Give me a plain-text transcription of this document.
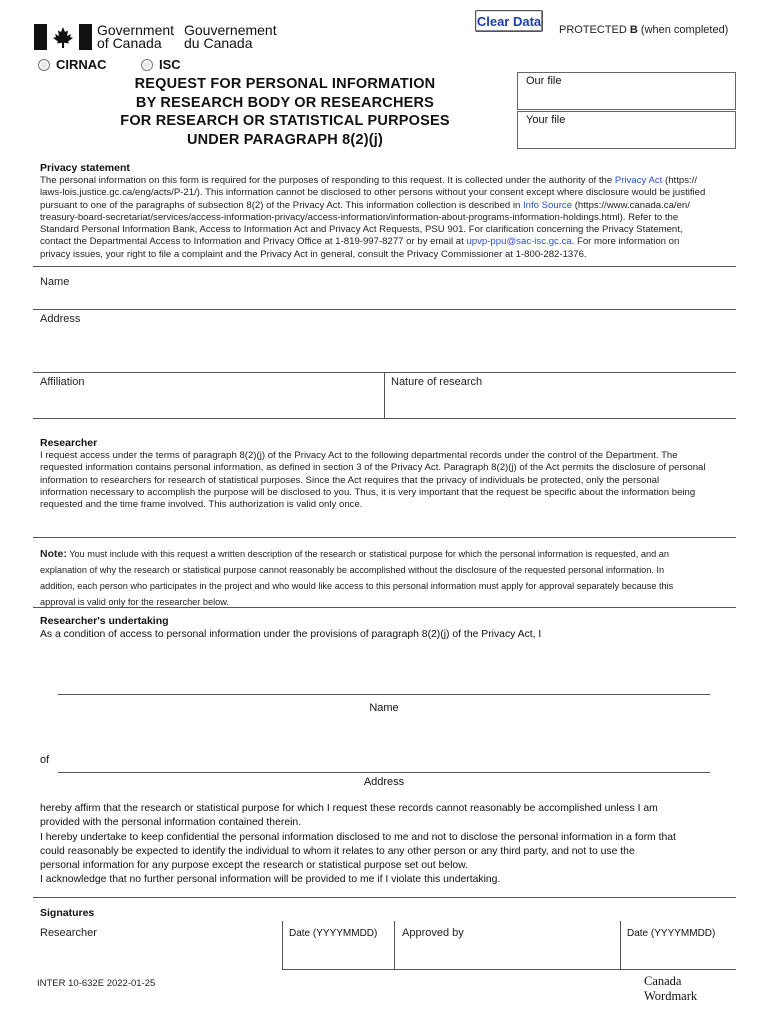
Government
of Canada
Gouvernement
du Canada
Clear Data
PROTECTED B (when completed)
CIRNAC	ISC
REQUEST FOR PERSONAL INFORMATION
BY RESEARCH BODY OR RESEARCHERS
FOR RESEARCH OR STATISTICAL PURPOSES
UNDER PARAGRAPH 8(2)(j)
Our file
Your file
Privacy statement
The personal information on this form is required for the purposes of responding to this request. It is collected under the authority of the Privacy Act (https://
laws-lois.justice.gc.ca/eng/acts/P-21/). This information cannot be disclosed to other persons without your consent except where disclosure would be justified
pursuant to one of the paragraphs of subsection 8(2) of the Privacy Act. This information collection is described in Info Source (https://www.canada.ca/en/
treasury-board-secretariat/services/access-information-privacy/access-information/information-about-programs-information-holdings.html). Refer to the
Standard Personal Information Bank, Access to Information Act and Privacy Act Requests, PSU 901. For clarification concerning the Privacy Statement,
contact the Departmental Access to Information and Privacy Office at 1-819-997-8277 or by email at upvp-ppu@sac-isc.gc.ca. For more information on
privacy issues, your right to file a complaint and the Privacy Act in general, consult the Privacy Commissioner at 1-800-282-1376.
Name
Address
Affiliation	Nature of research
Researcher
I request access under the terms of paragraph 8(2)(j) of the Privacy Act to the following departmental records under the control of the Department. The
requested information contains personal information, as defined in section 3 of the Privacy Act. Paragraph 8(2)(j) of the Act permits the disclosure of personal
information to researchers for research of statistical purposes. Since the Act requires that the privacy of individuals be protected, only the personal
information necessary to accomplish the purpose will be disclosed to you. Thus, it is very important that the request be specific about the information being
requested and the time frame involved. This authorization is valid only once.
Note: You must include with this request a written description of the research or statistical purpose for which the personal information is requested, and an
explanation of why the research or statistical purpose cannot reasonably be accomplished without the disclosure of the requested personal information. In
addition, each person who participates in the project and who would like access to this personal information must apply for approval separately because this
approval is valid only for the researcher below.
Researcher's undertaking
As a condition of access to personal information under the provisions of paragraph 8(2)(j) of the Privacy Act, I
Name
of
Address
hereby affirm that the research or statistical purpose for which I request these records cannot reasonably be accomplished unless I am
provided with the personal information contained therein.
I hereby undertake to keep confidential the personal information disclosed to me and not to disclose the personal information in a form that
could reasonably be expected to identify the individual to whom it relates to any other person or any third party, and not to use the
personal information for any purpose except the research or statistical purpose set out below.
I acknowledge that no further personal information will be provided to me if I violate this undertaking.
Signatures
Researcher	Date (YYYYMMDD) Approved by	Date (YYYYMMDD)
INTER 10-632E 2022-01-25	Canada
Wordmark
